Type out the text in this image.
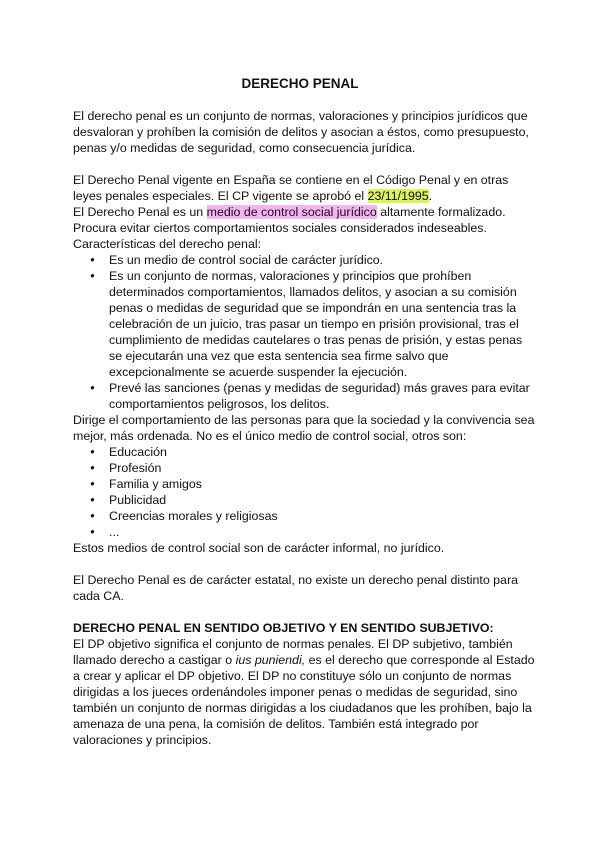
DERECHO PENAL

El derecho penal es un conjunto de normas, valoraciones y principios jurídicos que desvaloran y prohíben la comisión de delitos y asocian a éstos, como presupuesto, penas y/o medidas de seguridad, como consecuencia jurídica.

El Derecho Penal vigente en España se contiene en el Código Penal y en otras leyes penales especiales. El CP vigente se aprobó el 23/11/1995.

El Derecho Penal es un medio de control social jurídico altamente formalizado.

Procura evitar ciertos comportamientos sociales considerados indeseables.

Características del derecho penal:

● Es un medio de control social de carácter jurídico.
● Es un conjunto de normas, valoraciones y principios que prohíben determinados comportamientos, llamados delitos, y asocian a su comisión penas o medidas de seguridad que se impondrán en una sentencia tras la celebración de un juicio, tras pasar un tiempo en prisión provisional, tras el cumplimiento de medidas cautelares o tras penas de prisión, y estas penas se ejecutarán una vez que esta sentencia sea firme salvo que excepcionalmente se acuerde suspender la ejecución.
● Prevé las sanciones (penas y medidas de seguridad) más graves para evitar comportamientos peligrosos, los delitos.

Dirige el comportamiento de las personas para que la sociedad y la convivencia sea mejor, más ordenada. No es el único medio de control social, otros son:

● Educación
● Profesión
● Familia y amigos
● Publicidad
● Creencias morales y religiosas
● ...

Estos medios de control social son de carácter informal, no jurídico.

El Derecho Penal es de carácter estatal, no existe un derecho penal distinto para cada CA.

DERECHO PENAL EN SENTIDO OBJETIVO Y EN SENTIDO SUBJETIVO:

El DP objetivo significa el conjunto de normas penales. El DP subjetivo, también llamado derecho a castigar o ius puniendi, es el derecho que corresponde al Estado a crear y aplicar el DP objetivo. El DP no constituye sólo un conjunto de normas dirigidas a los jueces ordenándoles imponer penas o medidas de seguridad, sino también un conjunto de normas dirigidas a los ciudadanos que les prohíben, bajo la amenaza de una pena, la comisión de delitos. También está integrado por valoraciones y principios.
